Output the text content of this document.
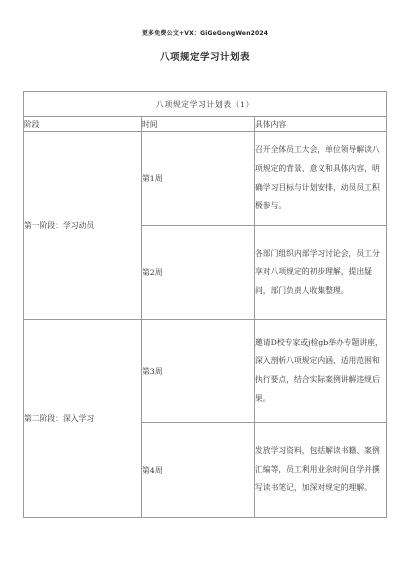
更多免费公文+VX：GiGeGongWen2024
八项规定学习计划表
八项规定学习计划表（1）		
阶段	时间	具体内容
第一阶段：学习动员	第1周	召开全体员工大会，单位领导解读八项规定的背景、意义和具体内容，明确学习目标与计划安排，动员员工积极参与。
	第2周	各部门组织内部学习讨论会，员工分享对八项规定的初步理解，提出疑问，部门负责人收集整理。
第二阶段：深入学习	第3周	邀请D校专家或j检gb举办专题讲座，深入剖析八项规定内涵、适用范围和执行要点，结合实际案例讲解违规后果。
	第4周	发放学习资料，包括解读书籍、案例汇编等，员工利用业余时间自学并撰写读书笔记，加深对规定的理解。
